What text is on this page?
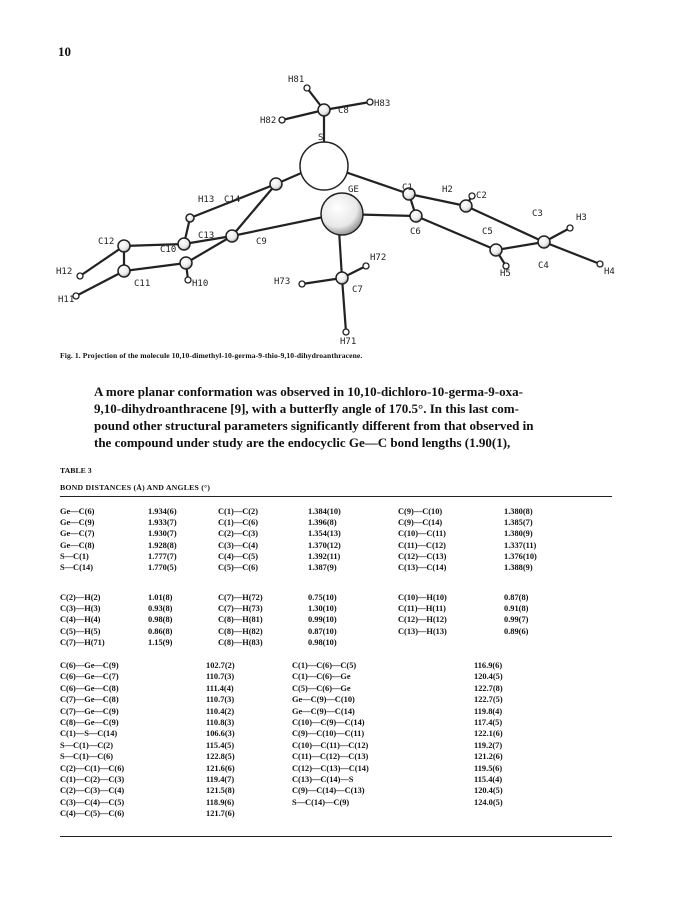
10
H81
H82
C8
H83
S
GE	C1	H2
C2
C3	H3
C6	C5
C4
H4
H5
H72
C7
H73
H71
H13 C14
C13
C9
C12
C10
H12
C11	H10
H11
Fig. 1. Projection of the molecule 10,10-dimethyl-10-germa-9-thio-9,10-dihydroanthracene.
A more planar conformation was observed in 10,10-dichloro-10-germa-9-oxa-
9,10-dihydroanthracene [9], with a butterfly angle of 170.5°. In this last com-
pound other structural parameters significantly different from that observed in
the compound under study are the endocyclic Ge—C bond lengths (1.90(1),
TABLE 3
BOND DISTANCES (Å) AND ANGLES (°)
Ge—C(6)	1.934(6)	C(1)—C(2)	1.384(10)	C(9)—C(10)	1.380(8)
Ge—C(9)	1.933(7)	C(1)—C(6)	1.396(8)	C(9)—C(14)	1.385(7)
Ge—C(7)	1.930(7)	C(2)—C(3)	1.354(13)	C(10)—C(11)	1.380(9)
Ge—C(8)	1.928(8)	C(3)—C(4)	1.370(12)	C(11)—C(12)	1.337(11)
S—C(1)	1.777(7)	C(4)—C(5)	1.392(11)	C(12)—C(13)	1.376(10)
S—C(14)	1.770(5)	C(5)—C(6)	1.387(9)	C(13)—C(14)	1.388(9)
C(2)—H(2)	1.01(8)	C(7)—H(72)	0.75(10)	C(10)—H(10)	0.87(8)
C(3)—H(3)	0.93(8)	C(7)—H(73)	1.30(10)	C(11)—H(11)	0.91(8)
C(4)—H(4)	0.98(8)	C(8)—H(81)	0.99(10)	C(12)—H(12)	0.99(7)
C(5)—H(5)	0.86(8)	C(8)—H(82)	0.87(10)	C(13)—H(13)	0.89(6)
C(7)—H(71)	1.15(9)	C(8)—H(83)	0.98(10)
C(6)—Ge—C(9)	102.7(2)	C(1)—C(6)—C(5)	116.9(6)
C(6)—Ge—C(7)	110.7(3)	C(1)—C(6)—Ge	120.4(5)
C(6)—Ge—C(8)	111.4(4)	C(5)—C(6)—Ge	122.7(8)
C(7)—Ge—C(8)	110.7(3)	Ge—C(9)—C(10)	122.7(5)
C(7)—Ge—C(9)	110.4(2)	Ge—C(9)—C(14)	119.8(4)
C(8)—Ge—C(9)	110.8(3)	C(10)—C(9)—C(14)	117.4(5)
C(1)—S—C(14)	106.6(3)	C(9)—C(10)—C(11)	122.1(6)
S—C(1)—C(2)	115.4(5)	C(10)—C(11)—C(12)	119.2(7)
S—C(1)—C(6)	122.8(5)	C(11)—C(12)—C(13)	121.2(6)
C(2)—C(1)—C(6)	121.6(6)	C(12)—C(13)—C(14)	119.5(6)
C(1)—C(2)—C(3)	119.4(7)	C(13)—C(14)—S	115.4(4)
C(2)—C(3)—C(4)	121.5(8)	C(9)—C(14)—C(13)	120.4(5)
C(3)—C(4)—C(5)	118.9(6)	S—C(14)—C(9)	124.0(5)
C(4)—C(5)—C(6)	121.7(6)
